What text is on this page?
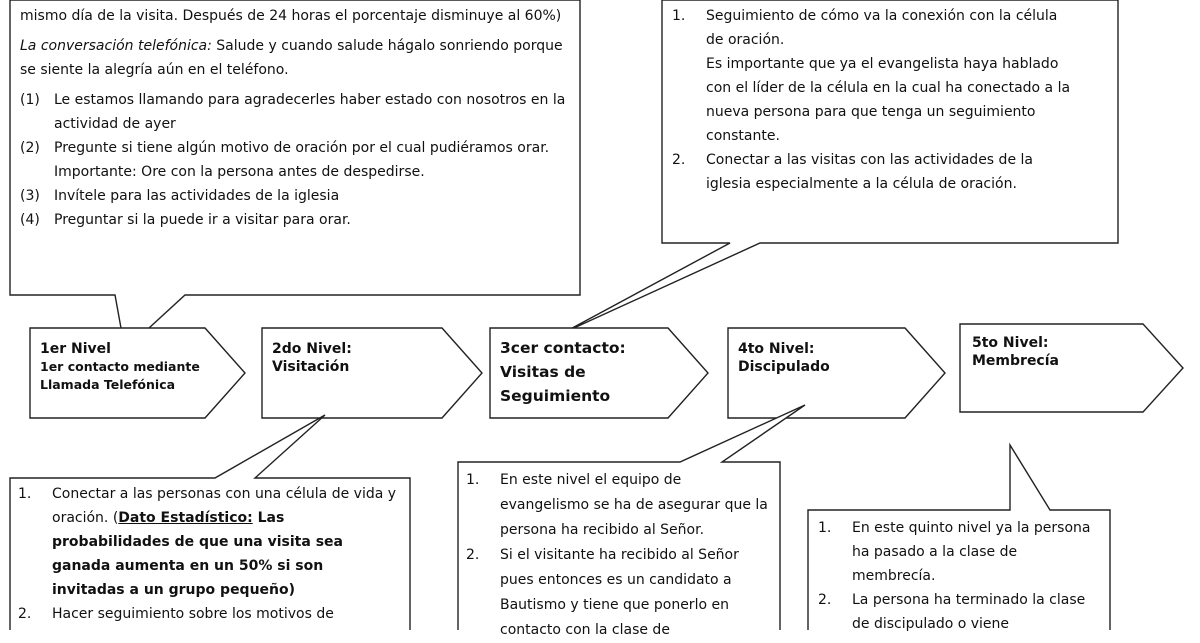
mismo día de la visita. Después de 24 horas el porcentaje disminuye al 60%)

La conversación telefónica: Salude y cuando salude hágalo sonriendo porque se siente la alegría aún en el teléfono.

(1) Le estamos llamando para agradecerles haber estado con nosotros en la actividad de ayer
(2) Pregunte si tiene algún motivo de oración por el cual pudiéramos orar. Importante: Ore con la persona antes de despedirse.
(3) Invítele para las actividades de la iglesia
(4) Preguntar si la puede ir a visitar para orar.
1. Seguimiento de cómo va la conexión con la célula de oración.
Es importante que ya el evangelista haya hablado con el líder de la célula en la cual ha conectado a la nueva persona para que tenga un seguimiento constante.
2. Conectar a las visitas con las actividades de la iglesia especialmente a la célula de oración.
1er Nivel
1er contacto mediante Llamada Telefónica
2do Nivel:
Visitación
3cer contacto:
Visitas de Seguimiento
4to Nivel:
Discipulado
5to Nivel:
Membrecía
1. Conectar a las personas con una célula de vida y oración. (Dato Estadístico: Las probabilidades de que una visita sea ganada aumenta en un 50% si son invitadas a un grupo pequeño)
2. Hacer seguimiento sobre los motivos de
1. En este nivel el equipo de evangelismo se ha de asegurar que la persona ha recibido al Señor.
2. Si el visitante ha recibido al Señor pues entonces es un candidato a Bautismo y tiene que ponerlo en contacto con la clase de
1. En este quinto nivel ya la persona ha pasado a la clase de membrecía.
2. La persona ha terminado la clase de discipulado o viene
